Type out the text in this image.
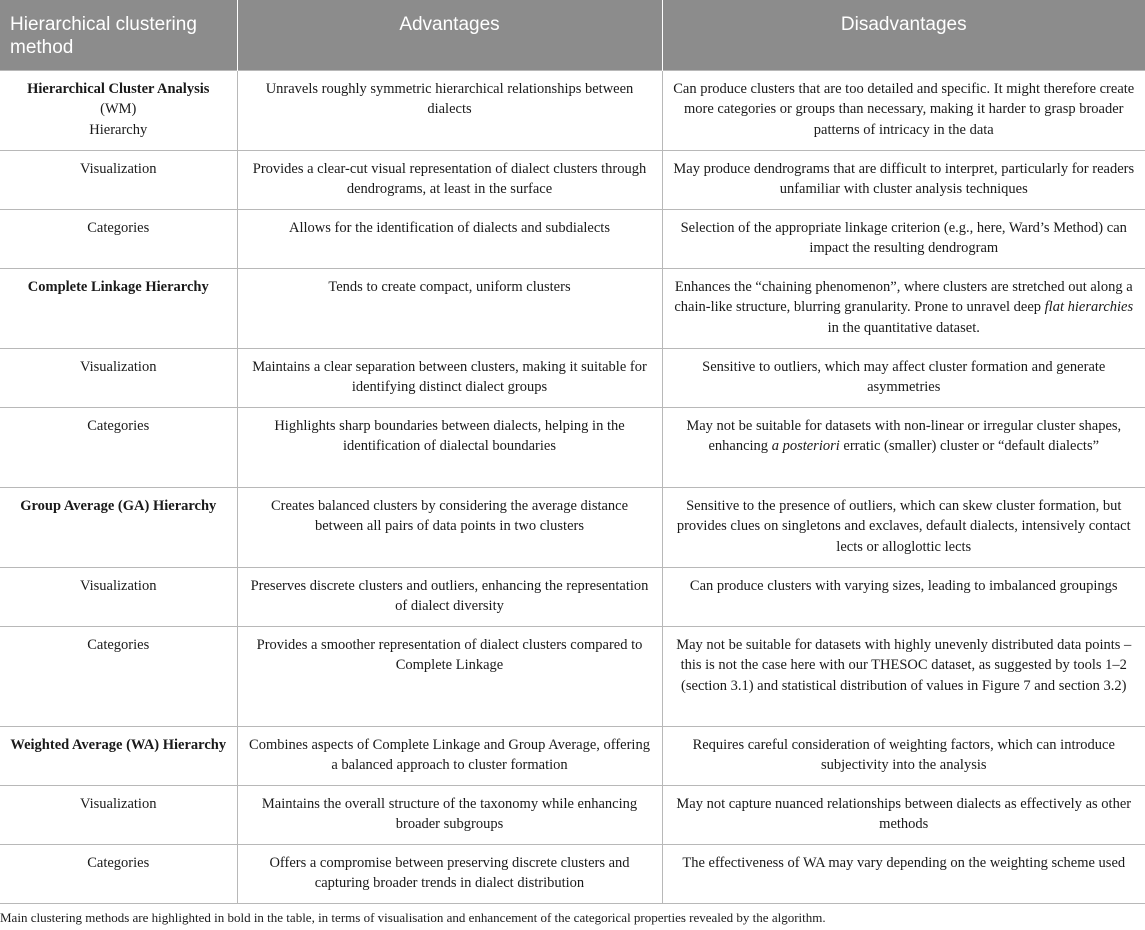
Hierarchical clustering method	Advantages	Disadvantages
Hierarchical Cluster Analysis
(WM)
Hierarchy	Unravels roughly symmetric hierarchical relationships between dialects	Can produce clusters that are too detailed and specific. It might therefore create more categories or groups than necessary, making it harder to grasp broader patterns of intricacy in the data
Visualization	Provides a clear-cut visual representation of dialect clusters through dendrograms, at least in the surface	May produce dendrograms that are difficult to interpret, particularly for readers unfamiliar with cluster analysis techniques
Categories	Allows for the identification of dialects and subdialects	Selection of the appropriate linkage criterion (e.g., here, Ward’s Method) can impact the resulting dendrogram
Complete Linkage Hierarchy	Tends to create compact, uniform clusters	Enhances the “chaining phenomenon”, where clusters are stretched out along a chain-like structure, blurring granularity. Prone to unravel deep flat hierarchies in the quantitative dataset.
Visualization	Maintains a clear separation between clusters, making it suitable for identifying distinct dialect groups	Sensitive to outliers, which may affect cluster formation and generate asymmetries
Categories	Highlights sharp boundaries between dialects, helping in the identification of dialectal boundaries	May not be suitable for datasets with non-linear or irregular cluster shapes, enhancing a posteriori erratic (smaller) cluster or “default dialects”
Group Average (GA) Hierarchy	Creates balanced clusters by considering the average distance between all pairs of data points in two clusters	Sensitive to the presence of outliers, which can skew cluster formation, but provides clues on singletons and exclaves, default dialects, intensively contact lects or alloglottic lects
Visualization	Preserves discrete clusters and outliers, enhancing the representation of dialect diversity	Can produce clusters with varying sizes, leading to imbalanced groupings
Categories	Provides a smoother representation of dialect clusters compared to Complete Linkage	May not be suitable for datasets with highly unevenly distributed data points –this is not the case here with our THESOC dataset, as suggested by tools 1–2 (section 3.1) and statistical distribution of values in Figure 7 and section 3.2)
Weighted Average (WA) Hierarchy	Combines aspects of Complete Linkage and Group Average, offering a balanced approach to cluster formation	Requires careful consideration of weighting factors, which can introduce subjectivity into the analysis
Visualization	Maintains the overall structure of the taxonomy while enhancing broader subgroups	May not capture nuanced relationships between dialects as effectively as other methods
Categories	Offers a compromise between preserving discrete clusters and capturing broader trends in dialect distribution	The effectiveness of WA may vary depending on the weighting scheme used
Main clustering methods are highlighted in bold in the table, in terms of visualisation and enhancement of the categorical properties revealed by the algorithm.
